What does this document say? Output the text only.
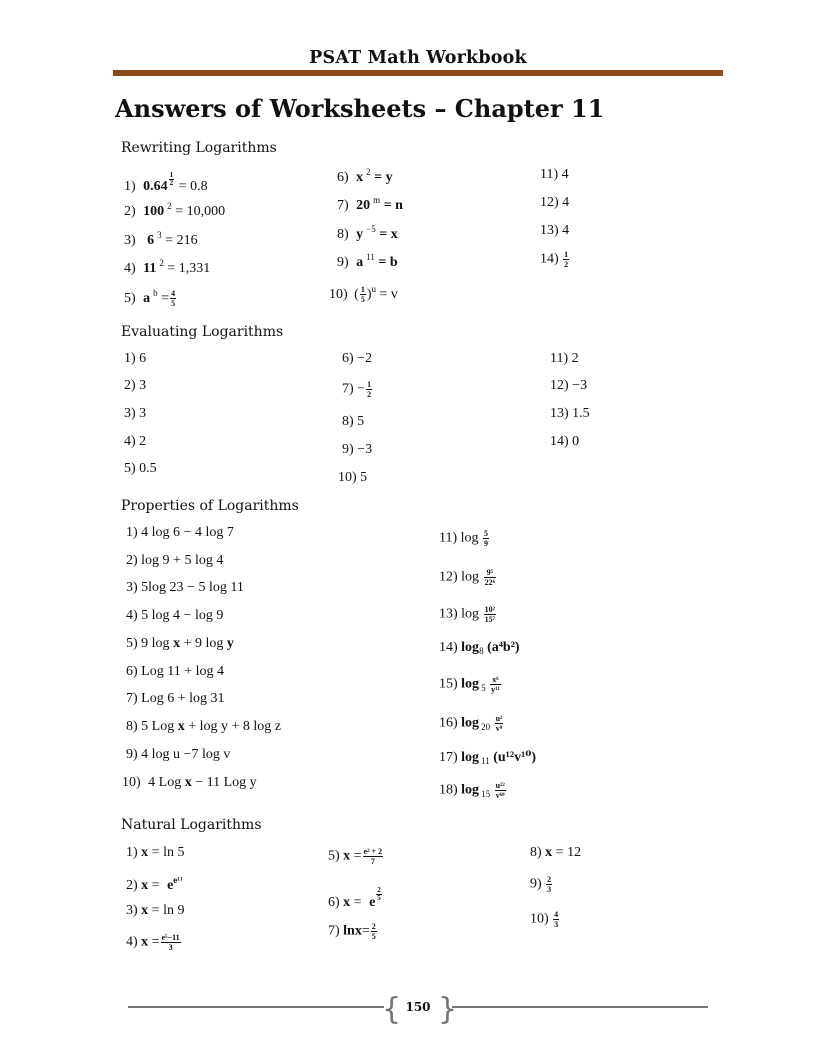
PSAT Math Workbook
Answers of Worksheets – Chapter 11
Rewriting Logarithms
1) $0.64 \frac{1}{2} = 0.8$
2) 100 $^2$ = 10,000
3) 6 $^3$ = 216
4) 11 $^2$ = 1,331
5) a $^b = \frac{4}{5}$
6) x $^2$ = y
7) 20 $^m$ = n
8) y $^{-5}$ = x
9) a $^{11}$ = b
10) ( $\frac{1}{5} )^u = v$
11) 4
12) 4
13) 4
$14) \frac{1}{2}$
Evaluating Logarithms
1) 6
2) 3
3) 3
4) 2
5) 0.5
6) −2
$7) - \frac{1}{2}$
8) 5
9) −3
10) 5
11) 2
12) −3
13) 1.5
14) 0
Properties of Logarithms
1) 4 log 6 − 4 log 7
2) log 9 + 5 log 4
3) 5log 23 − 5 log 11
4) 5 log 4 − log 9
5) 9 log x + 9 log y
6) Log 11 + log 4
7) Log 6 + log 31
8) 5 Log x + log y + 8 log z
9) 4 log u −7 log v
10) 4 Log x − 11 Log y
11) $\log \frac{5}{9}$
12) $\log \frac{\text{9⁵}}{\text{22⁶}}$
13) $\log \frac{\text{10²}}{\text{15⁷}}$
14) $\log_8 (a^4b^2)$
15) $\log _5 \frac{\text{x⁶}}{\text{y¹¹}}$
16) $\log _{20} \frac{\text{u²}}{\text{v⁹}}$
17) log $_{11}$ (u¹²v¹⁰)
18) $\log _{15} \frac{\text{u²²}}{\text{v⁶⁹}}$
Natural Logarithms
1) x = ln 5
2) $x = e^{e^{11}}$
3) x = ln 9
4) $x = \frac{\text{e⁵−11}}{3}$
5) $x = \frac{\text{e² + 2}}{7}$
6) x = e
$\frac{2}{5}$
7) $\ln x= \frac{2}{5}$
8) x = 12
$9) \frac{2}{3}$
$10) \frac{4}{3}$
{ }
150
